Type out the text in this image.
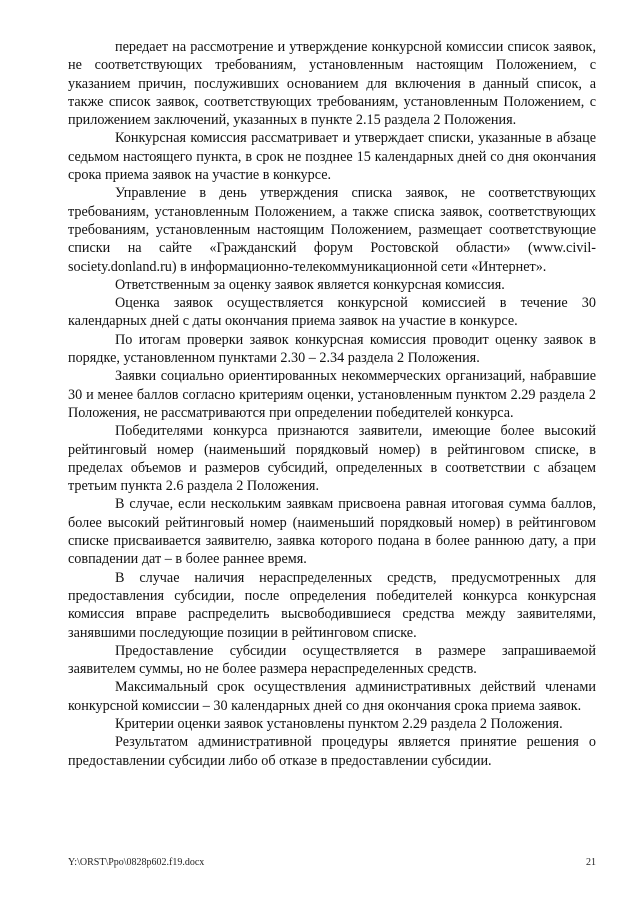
передает на рассмотрение и утверждение конкурсной комиссии список заявок, не соответствующих требованиям, установленным настоящим Положением, с указанием причин, послуживших основанием для включения в данный список, а также список заявок, соответствующих требованиям, установленным Положением, с приложением заключений, указанных в пункте 2.15 раздела 2 Положения.

Конкурсная комиссия рассматривает и утверждает списки, указанные в абзаце седьмом настоящего пункта, в срок не позднее 15 календарных дней со дня окончания срока приема заявок на участие в конкурсе.

Управление в день утверждения списка заявок, не соответствующих требованиям, установленным Положением, а также списка заявок, соответствующих требованиям, установленным настоящим Положением, размещает соответствующие списки на сайте «Гражданский форум Ростовской области» (www.civil-society.donland.ru) в информационно-телекоммуникационной сети «Интернет».

Ответственным за оценку заявок является конкурсная комиссия.

Оценка заявок осуществляется конкурсной комиссией в течение 30 календарных дней с даты окончания приема заявок на участие в конкурсе.

По итогам проверки заявок конкурсная комиссия проводит оценку заявок в порядке, установленном пунктами 2.30 – 2.34 раздела 2 Положения.

Заявки социально ориентированных некоммерческих организаций, набравшие 30 и менее баллов согласно критериям оценки, установленным пунктом 2.29 раздела 2 Положения, не рассматриваются при определении победителей конкурса.

Победителями конкурса признаются заявители, имеющие более высокий рейтинговый номер (наименьший порядковый номер) в рейтинговом списке, в пределах объемов и размеров субсидий, определенных в соответствии с абзацем третьим пункта 2.6 раздела 2 Положения.

В случае, если нескольким заявкам присвоена равная итоговая сумма баллов, более высокий рейтинговый номер (наименьший порядковый номер) в рейтинговом списке присваивается заявителю, заявка которого подана в более раннюю дату, а при совпадении дат – в более раннее время.

В случае наличия нераспределенных средств, предусмотренных для предоставления субсидии, после определения победителей конкурса конкурсная комиссия вправе распределить высвободившиеся средства между заявителями, занявшими последующие позиции в рейтинговом списке.

Предоставление субсидии осуществляется в размере запрашиваемой заявителем суммы, но не более размера нераспределенных средств.

Максимальный срок осуществления административных действий членами конкурсной комиссии – 30 календарных дней со дня окончания срока приема заявок.

Критерии оценки заявок установлены пунктом 2.29 раздела 2 Положения.

Результатом административной процедуры является принятие решения о предоставлении субсидии либо об отказе в предоставлении субсидии.

Y:\ORST\Ppo\0828p602.f19.docx	21
